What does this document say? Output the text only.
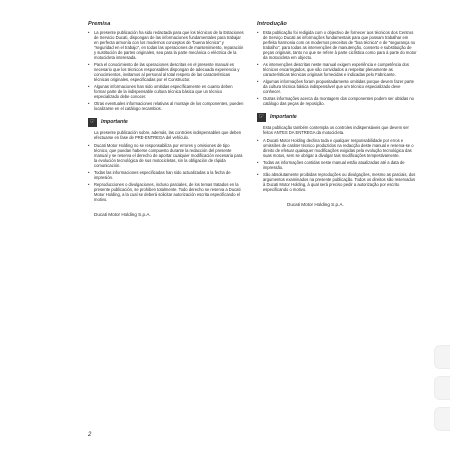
Premisa
• La presente publicación ha sido redactada para que los técnicos de la Estaciones de Servicio Ducati, dispongan de las informaciones fundamentales para trabajar en perfecta armonía con los modernos conceptos de "buena técnica" y "seguridad en el trabajo", en todas las operaciones de mantenimiento, reparación y sustitución de partes originales, sea para la parte mecánica o eléctrica de la motocicleta interesada.
• Para el conocimiento de las operaciones descritas en el presente manual es necesario que los técnicos responsables dispongan de adecuada experiencia y conocimientos, invitamos al personal al total respeto de las características técnicas originales, especificadas por el Constructor.
• Algunas informaciones han sido omitidas específicamente en cuanto deben formar parte de la indispensable cultura técnica básica que un técnico especializado debe conocer.
• Otras eventuales informaciones relativas al montaje de los componentes, pueden localizarse en el catálogo recambios.
☞	Importante

La presente publicación sobre, además, las controles indispensables que deben efectuarse en fase de PRE-ENTREGA del vehículo.

• Ducati Motor Holding no se responsabiliza por errores y omisiones de tipo técnico, que puedan haberse compuesto durante la redacción del presente manual y se reserva el derecho de aportar cualquier modificación necesaria para la evolución tecnológica de sus motocicletas, sin la obligación de rápida comunicación.
• Todas las informaciones especificadas han sido actualizadas a la fecha de impresión.
• Reproducciones o divulgaciones, incluso parciales, de los temas tratados en la presente publicación, se prohiben totalmente. Todo derecho se reserva a Ducati Motor Holding, a la cual se deberá solicitar autorización escrita especificando el motivo.
Ducati Motor Holding S.p.A.
Introdução
• Esta publicação foi redigida com o objectivo de fornecer aos técnicos dos Centros de Serviço Ducati as informações fundamentais para que possam trabalhar em perfeita harmonia com os modernos preceitos de "boa técnica" e de "segurança no trabalho", para todas as intervenções de manutenção, conserto e substituição de peças originais, tanto no que se refere à parte ciclística como para à parte do motor da motocicleta em objecto.
• As intervenções descritas neste manual exigem experiência e competência dos técnicos encarregados, que são convidados a respeitar plenamente as características técnicas originais fornecidas e indicadas pelo Fabricante.
• Algumas informações foram propositadamente omitidas porque devem fazer parte da cultura técnica básica indispensável que um técnico especializado deve conhecer.
• Outras informações acerca da montagem dos componentes podem ser obtidas no catálogo das peças de reposição.
☞	Importante

Esta publicação também contempla os controles indispensáveis que devem ser feitos ANTES DA ENTREGA da motocicleta.

• A Ducati Motor Holding declina toda e qualquer responsabilidade por erros e omissões de caráter técnico produzidos na redacção deste manual e reserva-se o direito de efetuar quaisquer modificações exigidas pela evolução tecnológica das suas motos, sem se obrigar a divulgar tais modificações tempestivamente.
• Todas as informações contidas neste manual estão atualizadas até a data de impressão.
• São absolutamente proibidas reproduções ou divulgações, mesmo as parciais, dos argumentos examinados na presente publicação. Todos os direitos são reservados à Ducati Motor Holding, à qual será preciso pedir a autorização por escrito especificando o motivo.
Ducati Motor Holding S.p.A.
2
